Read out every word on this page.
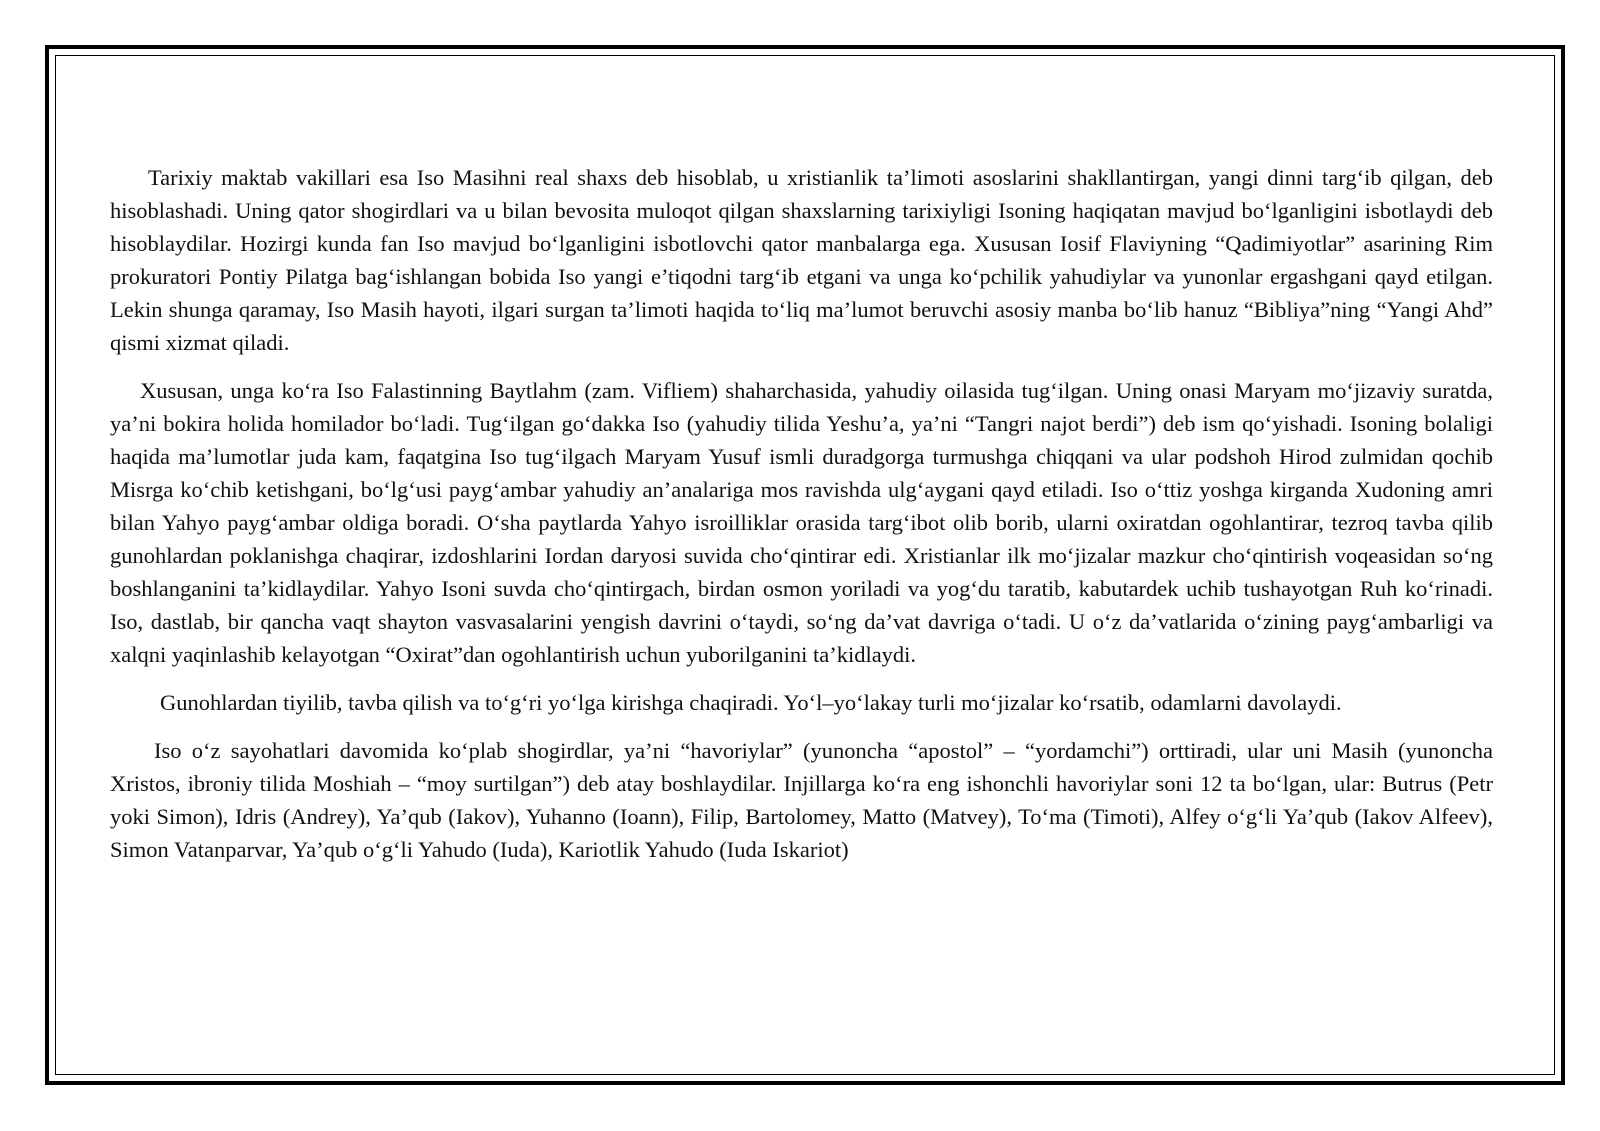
Tarixiy maktab vakillari esa Iso Masihni real shaxs deb hisoblab, u xristianlik ta’limoti asoslarini shakllantirgan, yangi dinni targ‘ib qilgan, deb hisoblashadi. Uning qator shogirdlari va u bilan bevosita muloqot qilgan shaxslarning tarixiyligi Isoning haqiqatan mavjud bo‘lganligini isbotlaydi deb hisoblaydilar. Hozirgi kunda fan Iso mavjud bo‘lganligini isbotlovchi qator manbalarga ega. Xususan Iosif Flaviyning “Qadimiyotlar” asarining Rim prokuratori Pontiy Pilatga bag‘ishlangan bobida Iso yangi e’tiqodni targ‘ib etgani va unga ko‘pchilik yahudiylar va yunonlar ergashgani qayd etilgan. Lekin shunga qaramay, Iso Masih hayoti, ilgari surgan ta’limoti haqida to‘liq ma’lumot beruvchi asosiy manba bo‘lib hanuz “Bibliya”ning “Yangi Ahd” qismi xizmat qiladi.

Xususan, unga ko‘ra Iso Falastinning Baytlahm (zam. Vifliem) shaharchasida, yahudiy oilasida tug‘ilgan. Uning onasi Maryam mo‘jizaviy suratda, ya’ni bokira holida homilador bo‘ladi. Tug‘ilgan go‘dakka Iso (yahudiy tilida Yeshu’a, ya’ni “Tangri najot berdi”) deb ism qo‘yishadi. Isoning bolaligi haqida ma’lumotlar juda kam, faqatgina Iso tug‘ilgach Maryam Yusuf ismli duradgorga turmushga chiqqani va ular podshoh Hirod zulmidan qochib Misrga ko‘chib ketishgani, bo‘lg‘usi payg‘ambar yahudiy an’analariga mos ravishda ulg‘aygani qayd etiladi. Iso o‘ttiz yoshga kirganda Xudoning amri bilan Yahyo payg‘ambar oldiga boradi. O‘sha paytlarda Yahyo isroilliklar orasida targ‘ibot olib borib, ularni oxiratdan ogohlantirar, tezroq tavba qilib gunohlardan poklanishga chaqirar, izdoshlarini Iordan daryosi suvida cho‘qintirar edi. Xristianlar ilk mo‘jizalar mazkur cho‘qintirish voqeasidan so‘ng boshlanganini ta’kidlaydilar. Yahyo Isoni suvda cho‘qintirgach, birdan osmon yoriladi va yog‘du taratib, kabutardek uchib tushayotgan Ruh ko‘rinadi. Iso, dastlab, bir qancha vaqt shayton vasvasalarini yengish davrini o‘taydi, so‘ng da’vat davriga o‘tadi. U o‘z da’vatlarida o‘zining payg‘ambarligi va xalqni yaqinlashib kelayotgan “Oxirat”dan ogohlantirish uchun yuborilganini ta’kidlaydi.

Gunohlardan tiyilib, tavba qilish va to‘g‘ri yo‘lga kirishga chaqiradi. Yo‘l–yo‘lakay turli mo‘jizalar ko‘rsatib, odamlarni davolaydi.

Iso o‘z sayohatlari davomida ko‘plab shogirdlar, ya’ni “havoriylar” (yunoncha “apostol” – “yordamchi”) orttiradi, ular uni Masih (yunoncha Xristos, ibroniy tilida Moshiah – “moy surtilgan”) deb atay boshlaydilar. Injillarga ko‘ra eng ishonchli havoriylar soni 12 ta bo‘lgan, ular: Butrus (Petr yoki Simon), Idris (Andrey), Ya’qub (Iakov), Yuhanno (Ioann), Filip, Bartolomey, Matto (Matvey), To‘ma (Timoti), Alfey o‘g‘li Ya’qub (Iakov Alfeev), Simon Vatanparvar, Ya’qub o‘g‘li Yahudo (Iuda), Kariotlik Yahudo (Iuda Iskariot)
